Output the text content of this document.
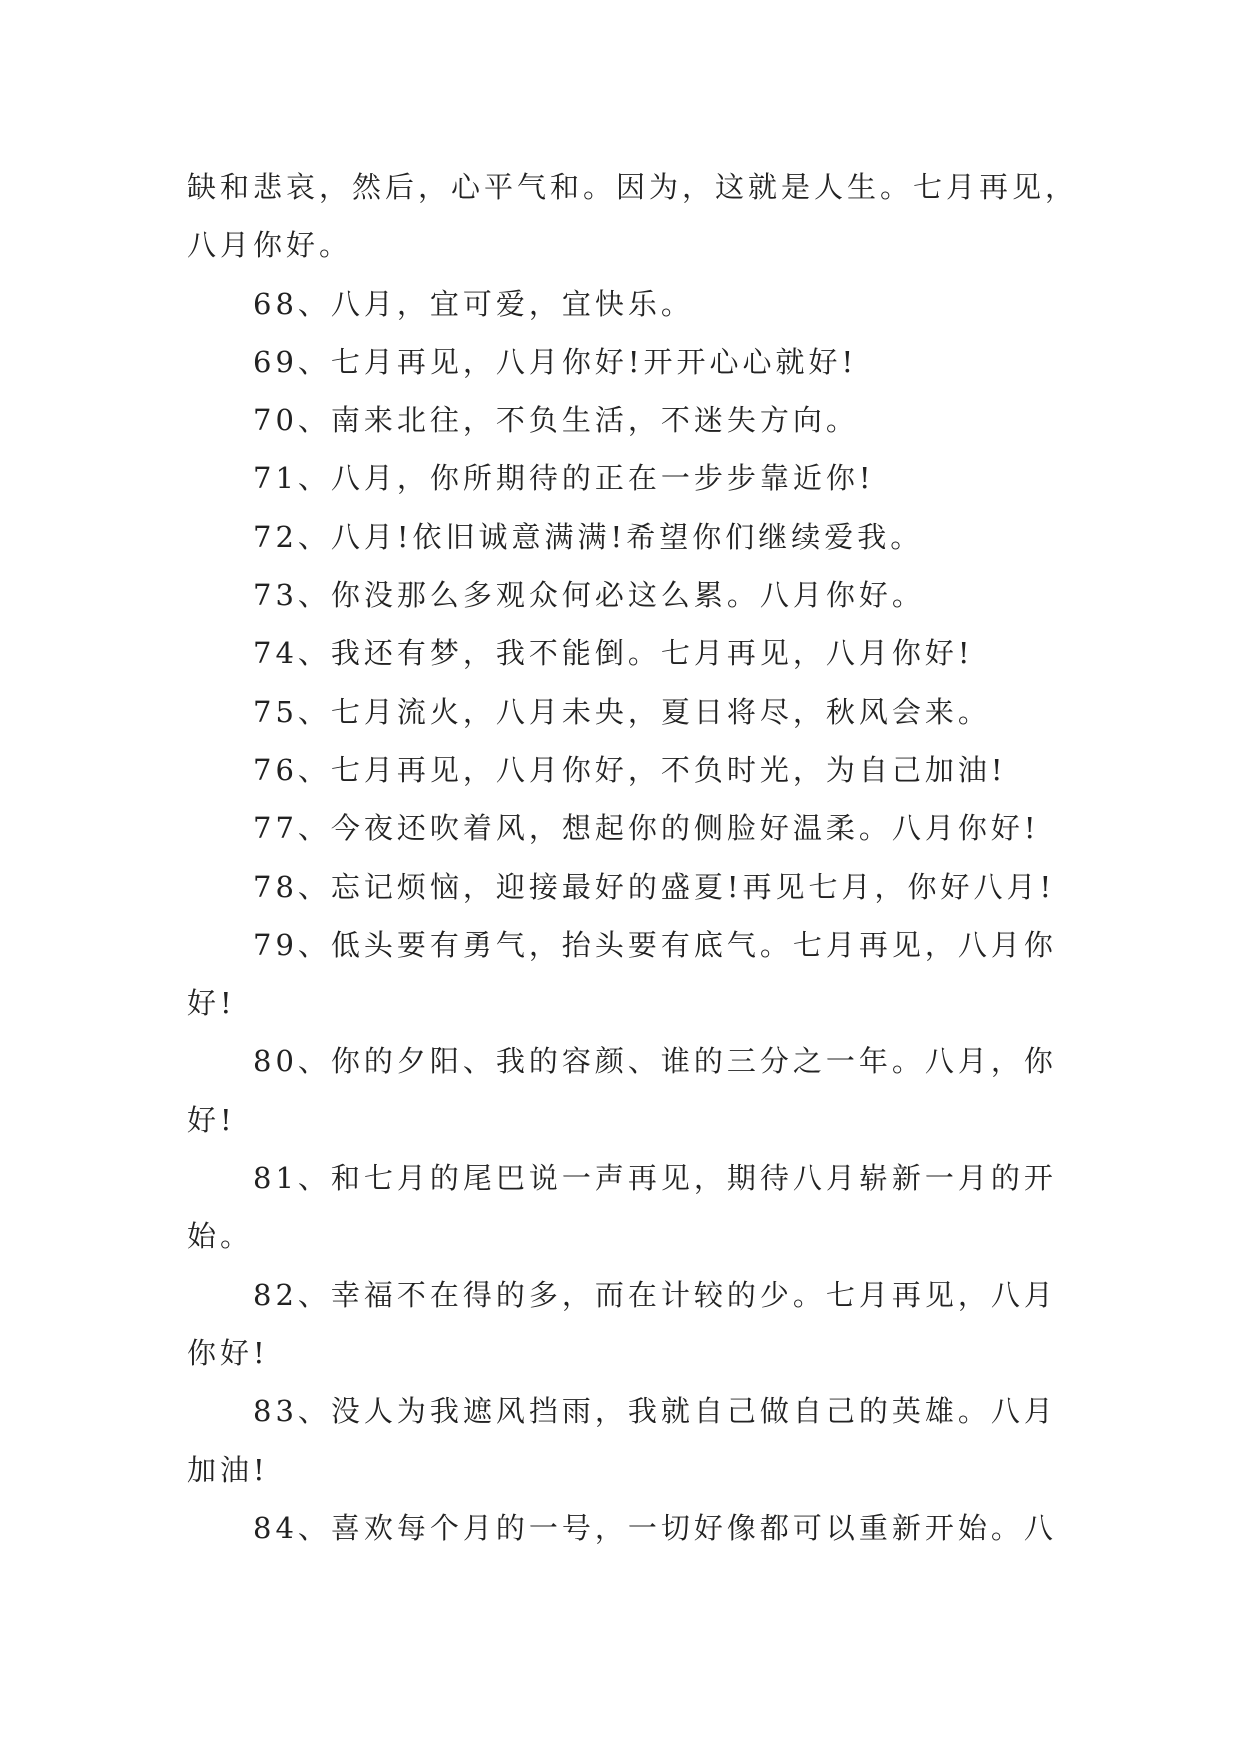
缺和悲哀，然后，心平气和。因为，这就是人生。七月再见，
八月你好。
68、八月，宜可爱，宜快乐。
69、七月再见，八月你好!开开心心就好!
70、南来北往，不负生活，不迷失方向。
71、八月，你所期待的正在一步步靠近你!
72、八月!依旧诚意满满!希望你们继续爱我。
73、你没那么多观众何必这么累。八月你好。
74、我还有梦，我不能倒。七月再见，八月你好!
75、七月流火，八月未央，夏日将尽，秋风会来。
76、七月再见，八月你好，不负时光，为自己加油!
77、今夜还吹着风，想起你的侧脸好温柔。八月你好!
78、忘记烦恼，迎接最好的盛夏!再见七月，你好八月!
79、低头要有勇气，抬头要有底气。七月再见，八月你
好!
80、你的夕阳、我的容颜、谁的三分之一年。八月，你
好!
81、和七月的尾巴说一声再见，期待八月崭新一月的开
始。
82、幸福不在得的多，而在计较的少。七月再见，八月
你好!
83、没人为我遮风挡雨，我就自己做自己的英雄。八月
加油!
84、喜欢每个月的一号，一切好像都可以重新开始。八
